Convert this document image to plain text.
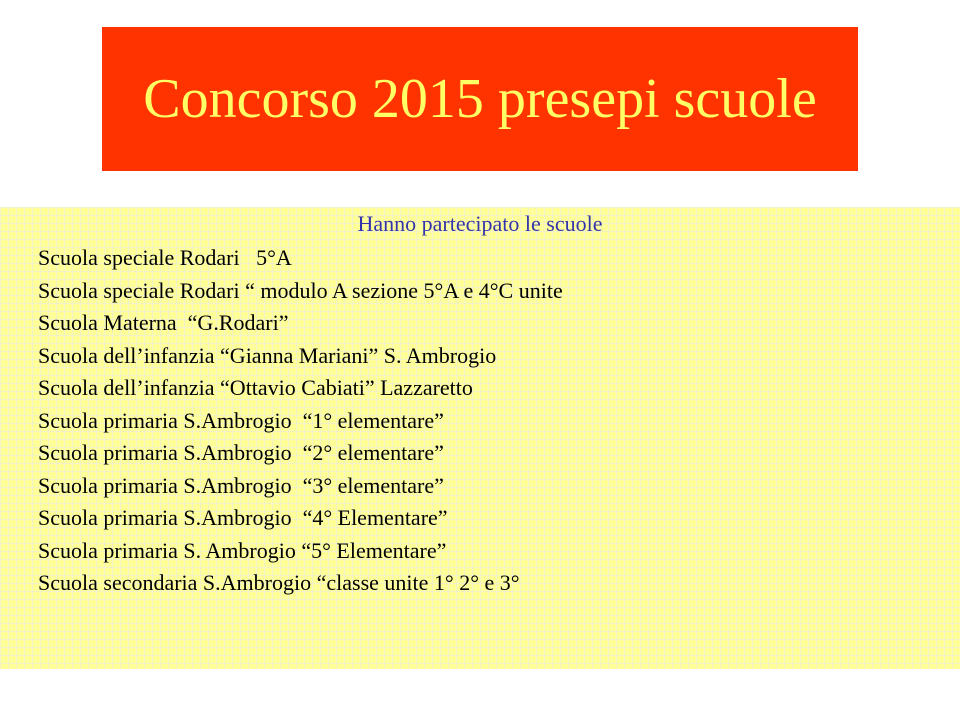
Concorso 2015 presepi scuole

Hanno partecipato le scuole

Scuola speciale Rodari   5°A
Scuola speciale Rodari “ modulo A sezione 5°A e 4°C unite
Scuola Materna  “G.Rodari”
Scuola dell’infanzia “Gianna Mariani” S. Ambrogio
Scuola dell’infanzia “Ottavio Cabiati” Lazzaretto
Scuola primaria S.Ambrogio  “1° elementare”
Scuola primaria S.Ambrogio  “2° elementare”
Scuola primaria S.Ambrogio  “3° elementare”
Scuola primaria S.Ambrogio  “4° Elementare”
Scuola primaria S. Ambrogio “5° Elementare”
Scuola secondaria S.Ambrogio “classe unite 1° 2° e 3°
